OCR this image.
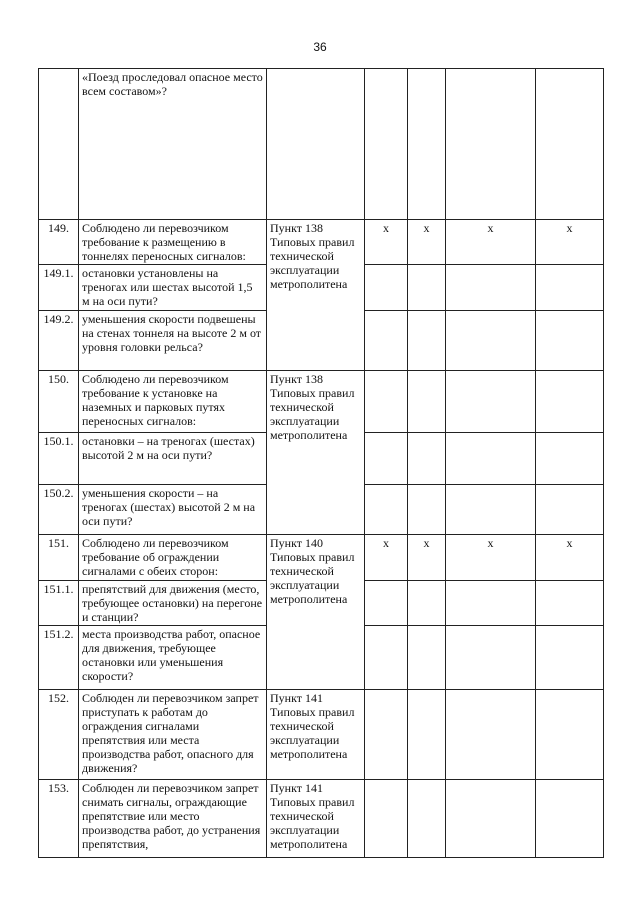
36
	«Поезд проследовал опасное место всем составом»?					
149.	Соблюдено ли перевозчиком требование к размещению в тоннелях переносных сигналов:	Пункт 138 Типовых правил технической эксплуатации метрополитена	x	x	x	x
149.1.	остановки установлены на треногах или шестах высотой 1,5 м на оси пути?					
149.2.	уменьшения скорости подвешены на стенах тоннеля на высоте 2 м от уровня головки рельса?					
150.	Соблюдено ли перевозчиком требование к установке на наземных и парковых путях переносных сигналов:	Пункт 138 Типовых правил технической эксплуатации метрополитена				
150.1.	остановки – на треногах (шестах) высотой 2 м на оси пути?					
150.2.	уменьшения скорости – на треногах (шестах) высотой 2 м на оси пути?					
151.	Соблюдено ли перевозчиком требование об ограждении сигналами с обеих сторон:	Пункт 140 Типовых правил технической эксплуатации метрополитена	x	x	x	x
151.1.	препятствий для движения (место, требующее остановки) на перегоне и станции?					
151.2.	места производства работ, опасное для движения, требующее остановки или уменьшения скорости?					
152.	Соблюден ли перевозчиком запрет приступать к работам до ограждения сигналами препятствия или места производства работ, опасного для движения?	Пункт 141 Типовых правил технической эксплуатации метрополитена				
153.	Соблюден ли перевозчиком запрет снимать сигналы, ограждающие препятствие или место производства работ, до устранения препятствия,	Пункт 141 Типовых правил технической эксплуатации метрополитена				
